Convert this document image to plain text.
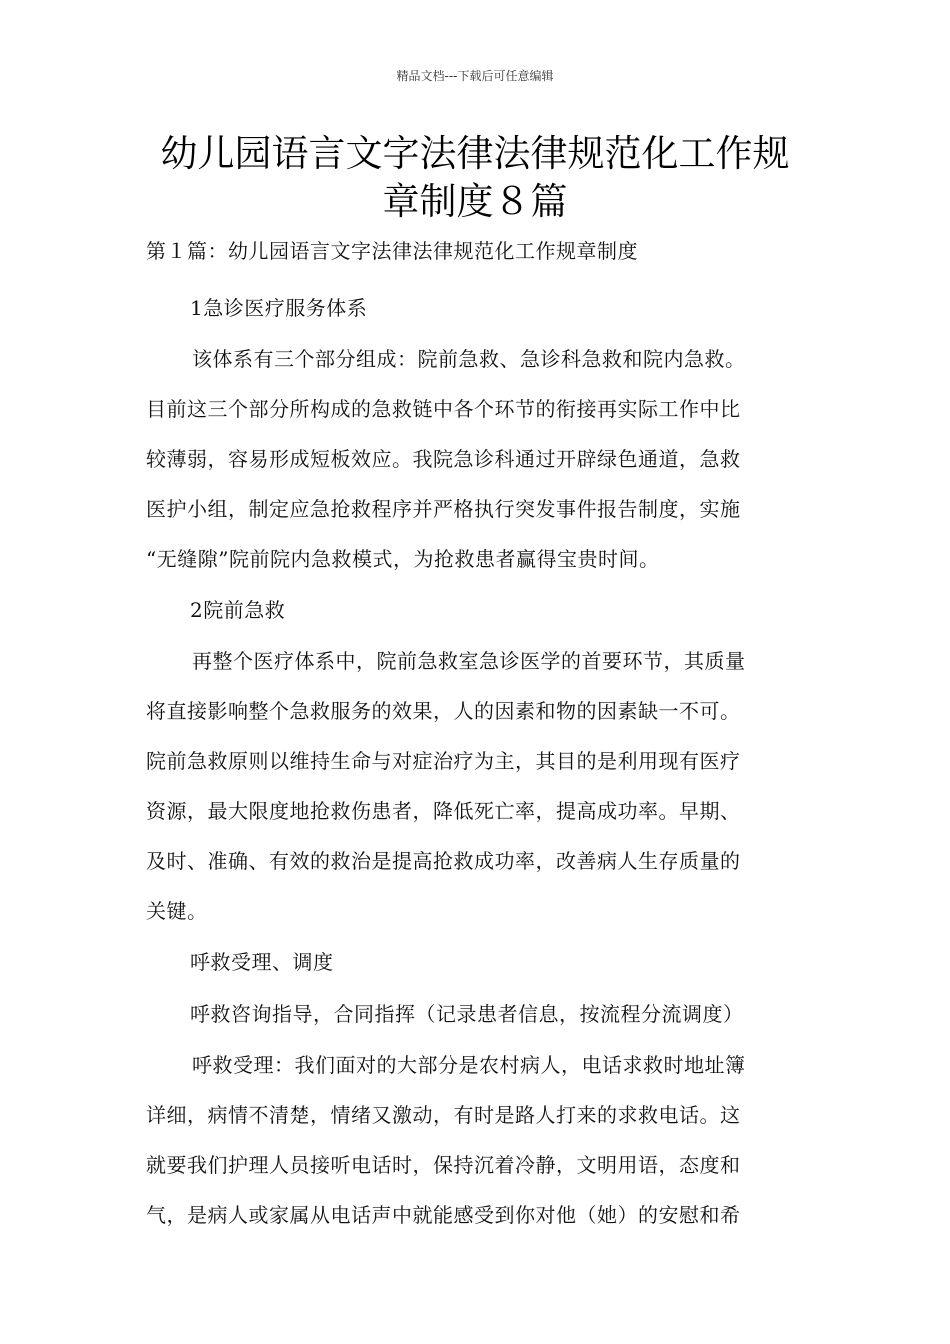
精品文档---下载后可任意编辑
幼儿园语言文字法律法律规范化工作规
章制度８篇
第１篇：幼儿园语言文字法律法律规范化工作规章制度
1急诊医疗服务体系
该体系有三个部分组成：院前急救、急诊科急救和院内急救。
目前这三个部分所构成的急救链中各个环节的衔接再实际工作中比
较薄弱，容易形成短板效应。我院急诊科通过开辟绿色通道，急救
医护小组，制定应急抢救程序并严格执行突发事件报告制度，实施
“无缝隙”院前院内急救模式，为抢救患者赢得宝贵时间。
2院前急救
再整个医疗体系中，院前急救室急诊医学的首要环节，其质量
将直接影响整个急救服务的效果，人的因素和物的因素缺一不可。
院前急救原则以维持生命与对症治疗为主，其目的是利用现有医疗
资源，最大限度地抢救伤患者，降低死亡率，提高成功率。早期、
及时、准确、有效的救治是提高抢救成功率，改善病人生存质量的
关键。
呼救受理、调度
呼救咨询指导，合同指挥（记录患者信息，按流程分流调度）
呼救受理：我们面对的大部分是农村病人，电话求救时地址簿
详细，病情不清楚，情绪又激动，有时是路人打来的求救电话。这
就要我们护理人员接听电话时，保持沉着冷静，文明用语，态度和
气，是病人或家属从电话声中就能感受到你对他（她）的安慰和希
